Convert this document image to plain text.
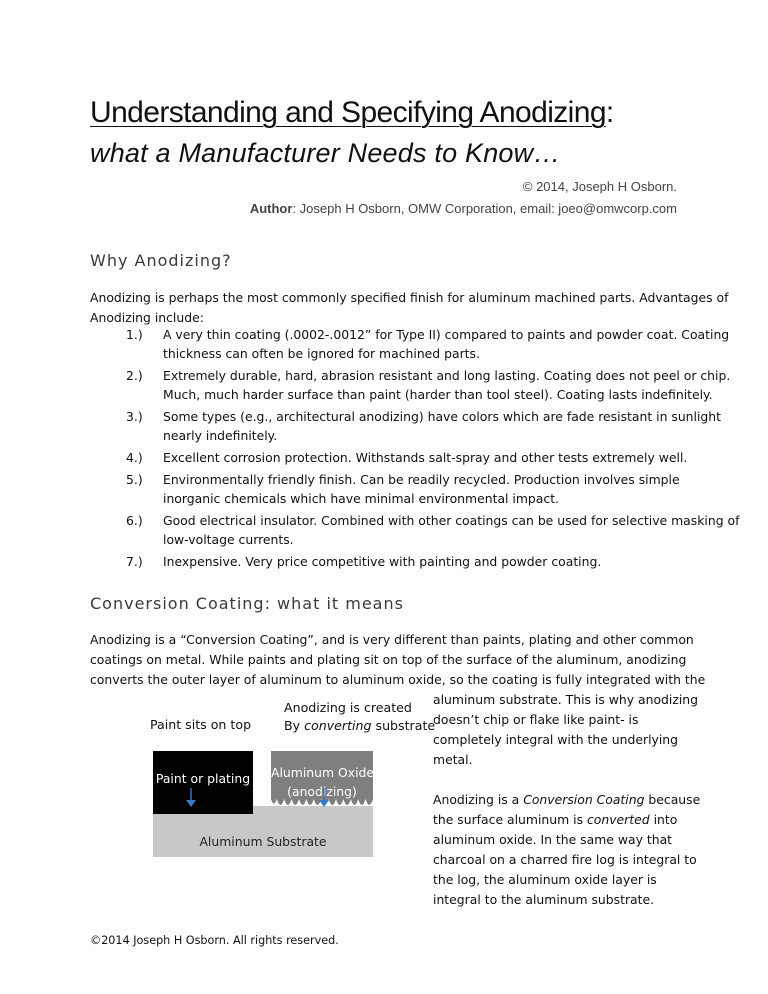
Understanding and Specifying Anodizing:
what a Manufacturer Needs to Know…
© 2014, Joseph H Osborn.
Author: Joseph H Osborn, OMW Corporation, email: joeo@omwcorp.com
Why Anodizing?
Anodizing is perhaps the most commonly specified finish for aluminum machined parts. Advantages of
Anodizing include:
1.) A very thin coating (.0002-.0012” for Type II) compared to paints and powder coat. Coating
thickness can often be ignored for machined parts.
2.) Extremely durable, hard, abrasion resistant and long lasting. Coating does not peel or chip.
Much, much harder surface than paint (harder than tool steel). Coating lasts indefinitely.
3.) Some types (e.g., architectural anodizing) have colors which are fade resistant in sunlight
nearly indefinitely.
4.) Excellent corrosion protection. Withstands salt-spray and other tests extremely well.
5.) Environmentally friendly finish. Can be readily recycled. Production involves simple
inorganic chemicals which have minimal environmental impact.
6.) Good electrical insulator. Combined with other coatings can be used for selective masking of
low-voltage currents.
7.) Inexpensive. Very price competitive with painting and powder coating.
Conversion Coating: what it means
Anodizing is a “Conversion Coating”, and is very different than paints, plating and other common
coatings on metal. While paints and plating sit on top of the surface of the aluminum, anodizing
converts the outer layer of aluminum to aluminum oxide, so the coating is fully integrated with the
aluminum substrate. This is why anodizing
doesn’t chip or flake like paint- is
completely integral with the underlying
metal.
Anodizing is a Conversion Coating because
the surface aluminum is converted into
aluminum oxide. In the same way that
charcoal on a charred fire log is integral to
the log, the aluminum oxide layer is
integral to the aluminum substrate.
Paint sits on top
Anodizing is created
By converting substrate
Paint or plating Aluminum Oxide
(anodizing)
Aluminum Substrate
©2014 Joseph H Osborn. All rights reserved.
